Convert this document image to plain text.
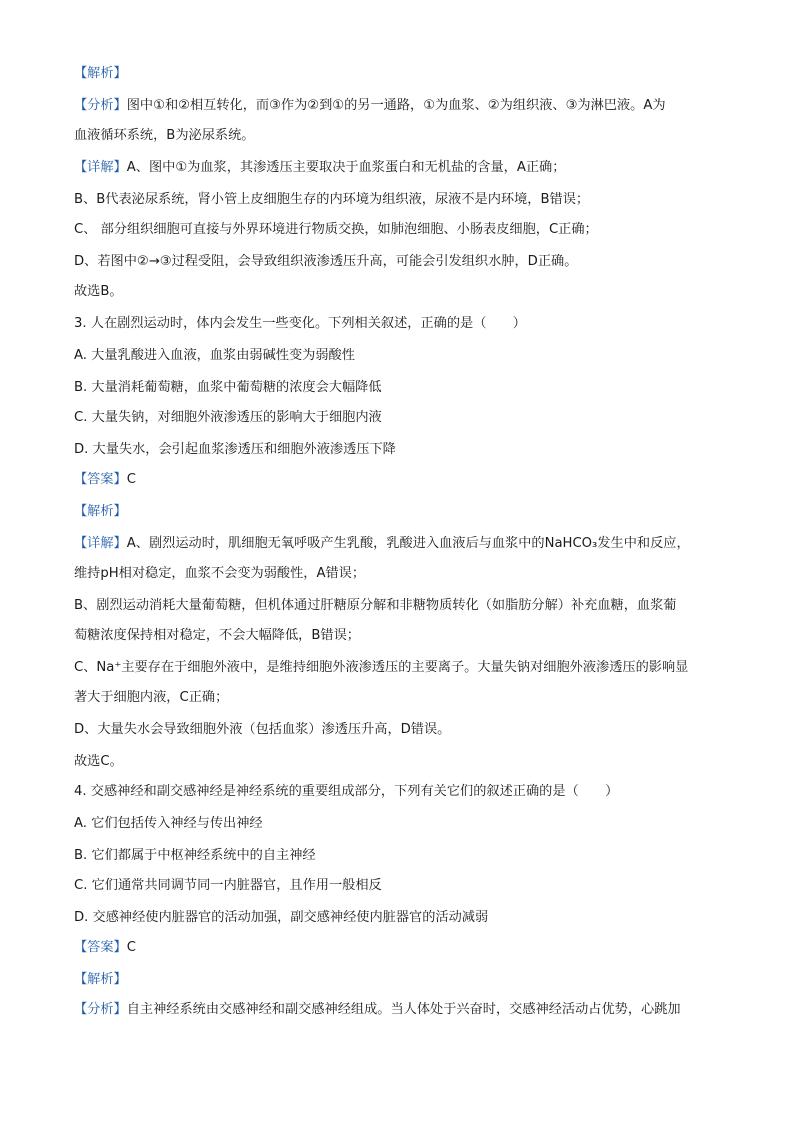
【解析】
【分析】图中①和②相互转化，而③作为②到①的另一通路，①为血浆、②为组织液、③为淋巴液。A为
血液循环系统，B为泌尿系统。
【详解】A、图中①为血浆，其渗透压主要取决于血浆蛋白和无机盐的含量，A正确；
B、B代表泌尿系统，肾小管上皮细胞生存的内环境为组织液，尿液不是内环境，B错误；
C、 部分组织细胞可直接与外界环境进行物质交换，如肺泡细胞、小肠表皮细胞，C正确；
D、若图中②→③过程受阻，会导致组织液渗透压升高，可能会引发组织水肿，D正确。
故选B。
3. 人在剧烈运动时，体内会发生一些变化。下列相关叙述，正确的是（　　）
A. 大量乳酸进入血液，血浆由弱碱性变为弱酸性
B. 大量消耗葡萄糖，血浆中葡萄糖的浓度会大幅降低
C. 大量失钠，对细胞外液渗透压的影响大于细胞内液
D. 大量失水，会引起血浆渗透压和细胞外液渗透压下降
【答案】C
【解析】
【详解】A、剧烈运动时，肌细胞无氧呼吸产生乳酸，乳酸进入血液后与血浆中的NaHCO₃发生中和反应，
维持pH相对稳定，血浆不会变为弱酸性，A错误；
B、剧烈运动消耗大量葡萄糖，但机体通过肝糖原分解和非糖物质转化（如脂肪分解）补充血糖，血浆葡
萄糖浓度保持相对稳定，不会大幅降低，B错误；
C、Na⁺主要存在于细胞外液中，是维持细胞外液渗透压的主要离子。大量失钠对细胞外液渗透压的影响显
著大于细胞内液，C正确；
D、大量失水会导致细胞外液（包括血浆）渗透压升高，D错误。
故选C。
4. 交感神经和副交感神经是神经系统的重要组成部分，下列有关它们的叙述正确的是（　　）
A. 它们包括传入神经与传出神经
B. 它们都属于中枢神经系统中的自主神经
C. 它们通常共同调节同一内脏器官，且作用一般相反
D. 交感神经使内脏器官的活动加强，副交感神经使内脏器官的活动减弱
【答案】C
【解析】
【分析】自主神经系统由交感神经和副交感神经组成。当人体处于兴奋时，交感神经活动占优势，心跳加
